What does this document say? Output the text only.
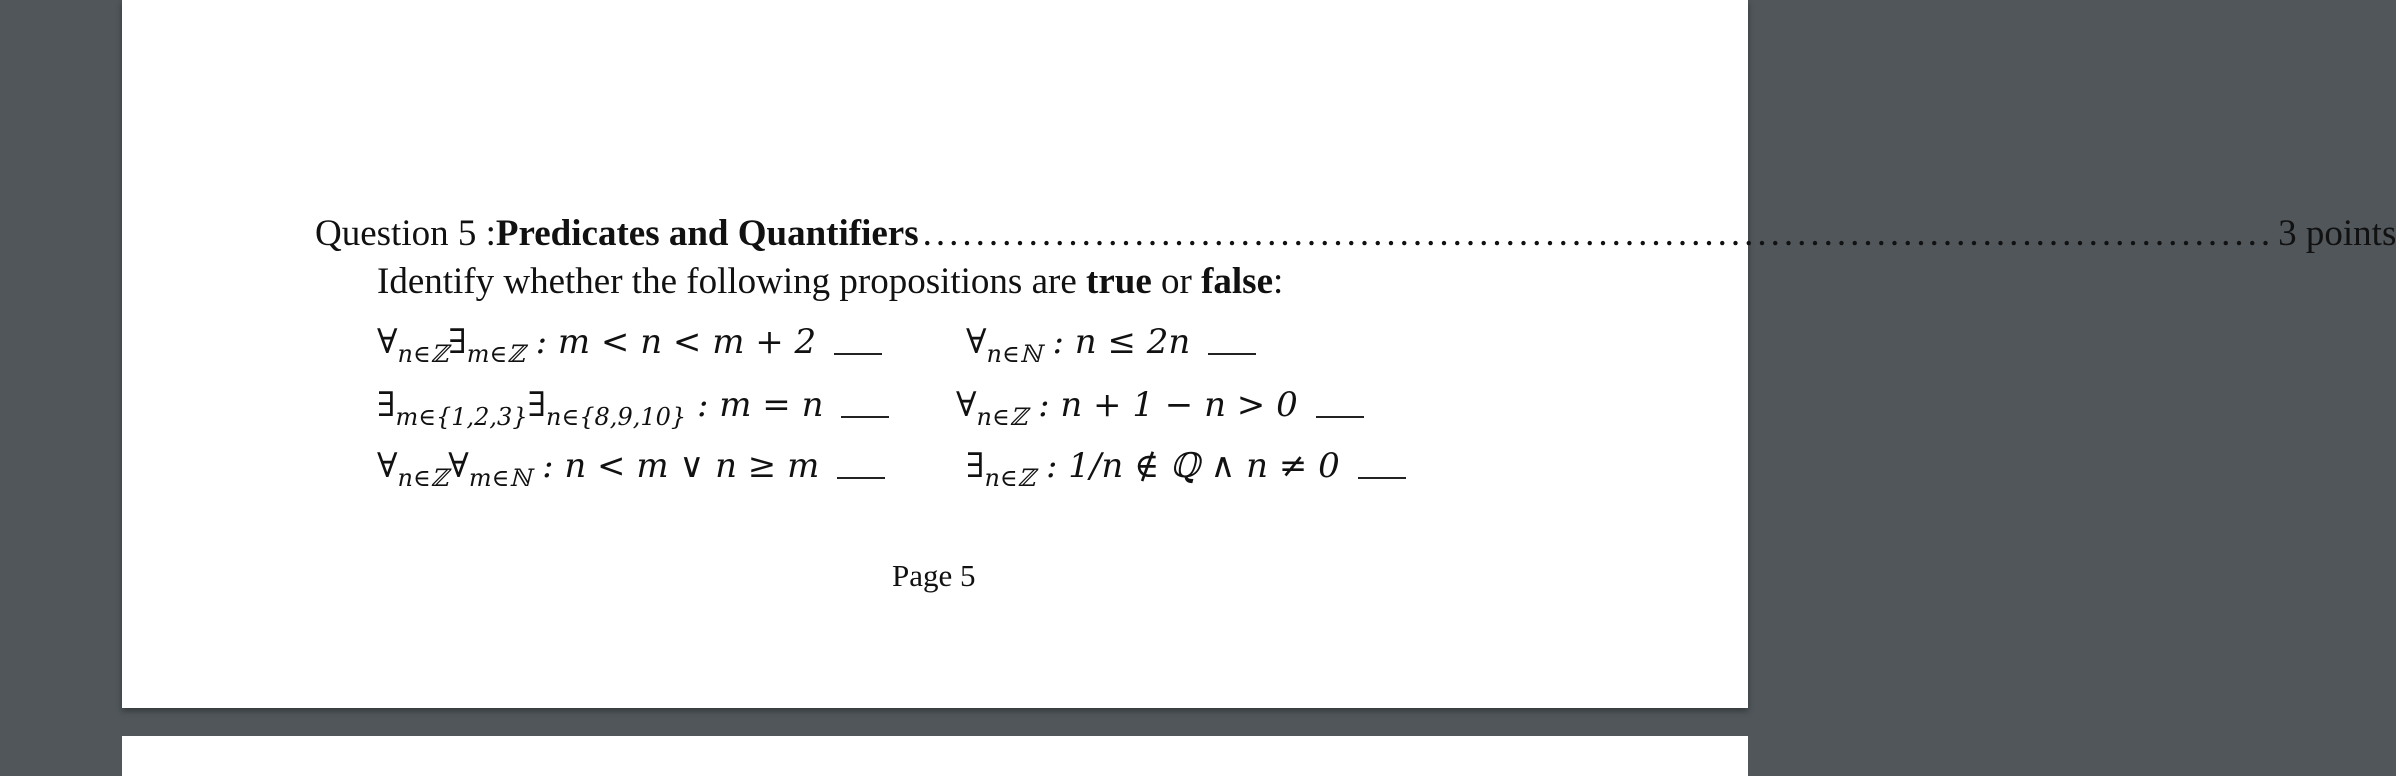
Question 5 : Predicates and Quantifiers ...................................................................................................... 3 points
Identify whether the following propositions are true or false:
$\forall_{n\in ℤ}\exists_{m\in ℤ}$ : m < n < m + 2
$\exists_{m\in\{1,2,3\}}\exists_{n\in\{8,9,10\}}$ : m = n
$\forall_{n\in ℤ}\forall_{m\in ℕ}$ : n < m ∨ n ≥ m
$\forall_{n\in ℕ}$ : n ≤ 2n
$\forall_{n\in ℤ}$ : n + 1 − n > 0
$\exists_{n\in ℤ}$ : 1/n ∉ ℚ ∧ n ≠ 0
Page 5
